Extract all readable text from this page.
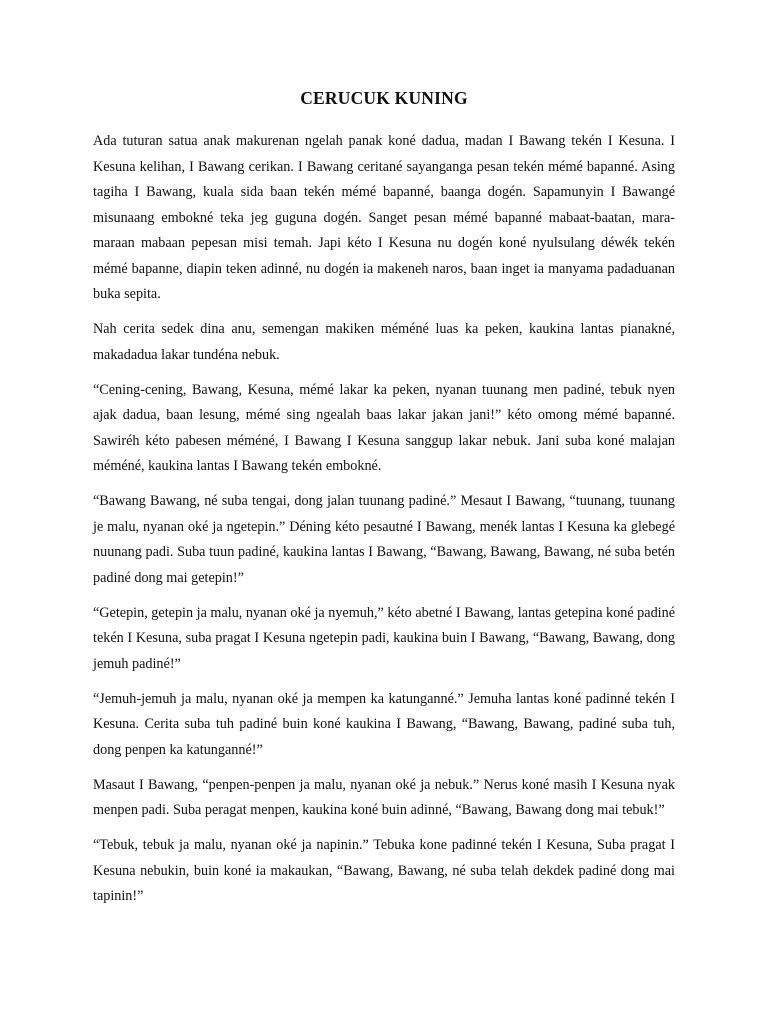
CERUCUK KUNING

Ada tuturan satua anak makurenan ngelah panak koné dadua, madan I Bawang tekén I Kesuna. I Kesuna kelihan, I Bawang cerikan. I Bawang ceritané sayanganga pesan tekén mémé bapanné. Asing tagiha I Bawang, kuala sida baan tekén mémé bapanné, baanga dogén. Sapamunyin I Bawangé misunaang embokné teka jeg guguna dogén. Sanget pesan mémé bapanné mabaat-baatan, mara-maraan mabaan pepesan misi temah. Japi kéto I Kesuna nu dogén koné nyulsulang déwék tekén mémé bapanne, diapin teken adinné, nu dogén ia makeneh naros, baan inget ia manyama padaduanan buka sepita.

Nah cerita sedek dina anu, semengan makiken méméné luas ka peken, kaukina lantas pianakné, makadadua lakar tundéna nebuk.

“Cening-cening, Bawang, Kesuna, mémé lakar ka peken, nyanan tuunang men padiné, tebuk nyen ajak dadua, baan lesung, mémé sing ngealah baas lakar jakan jani!” kéto omong mémé bapanné. Sawiréh kéto pabesen méméné, I Bawang I Kesuna sanggup lakar nebuk. Jani suba koné malajan méméné, kaukina lantas I Bawang tekén embokné.

“Bawang Bawang, né suba tengai, dong jalan tuunang padiné.” Mesaut I Bawang, “tuunang, tuunang je malu, nyanan oké ja ngetepin.” Déning kéto pesautné I Bawang, menék lantas I Kesuna ka glebegé nuunang padi. Suba tuun padiné, kaukina lantas I Bawang, “Bawang, Bawang, Bawang, né suba betén padiné dong mai getepin!”

“Getepin, getepin ja malu, nyanan oké ja nyemuh,” kéto abetné I Bawang, lantas getepina koné padiné tekén I Kesuna, suba pragat I Kesuna ngetepin padi, kaukina buin I Bawang, “Bawang, Bawang, dong jemuh padiné!”

“Jemuh-jemuh ja malu, nyanan oké ja mempen ka katunganné.” Jemuha lantas koné padinné tekén I Kesuna. Cerita suba tuh padiné buin koné kaukina I Bawang, “Bawang, Bawang, padiné suba tuh, dong penpen ka katunganné!”

Masaut I Bawang, “penpen-penpen ja malu, nyanan oké ja nebuk.” Nerus koné masih I Kesuna nyak menpen padi. Suba peragat menpen, kaukina koné buin adinné, “Bawang, Bawang dong mai tebuk!”

“Tebuk, tebuk ja malu, nyanan oké ja napinin.” Tebuka kone padinné tekén I Kesuna, Suba pragat I Kesuna nebukin, buin koné ia makaukan, “Bawang, Bawang, né suba telah dekdek padiné dong mai tapinin!”
